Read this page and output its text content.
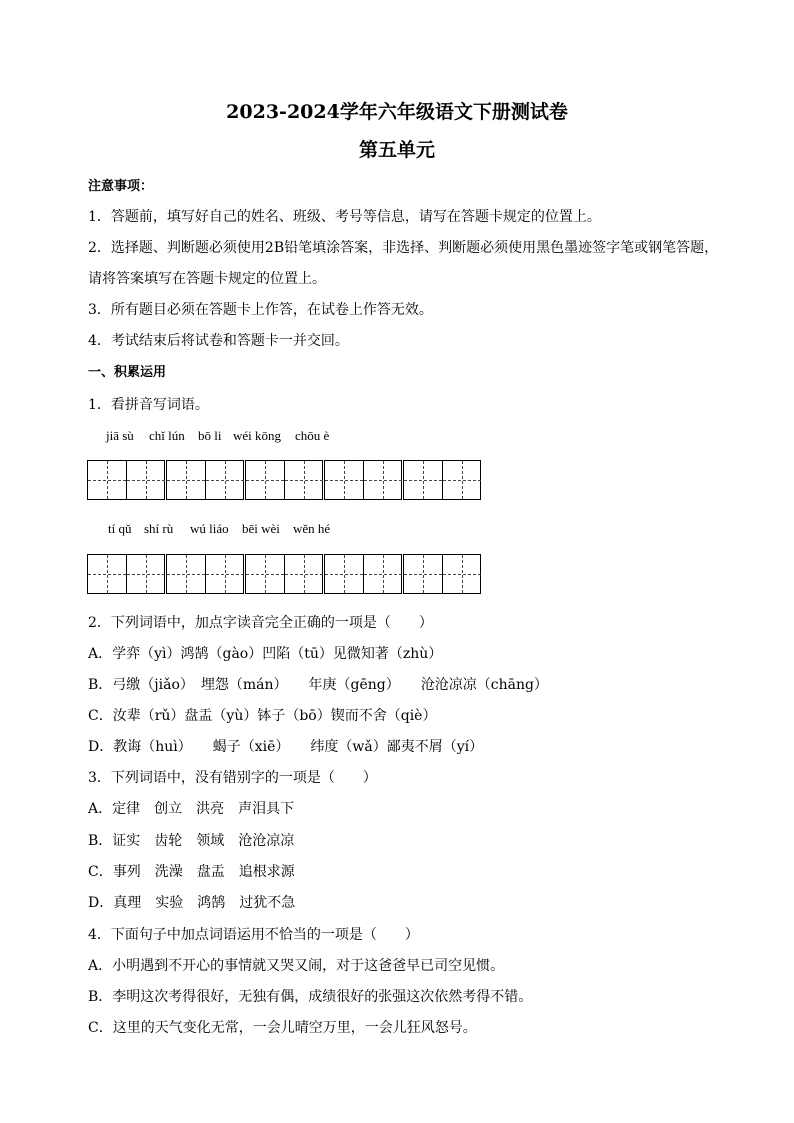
2023-2024学年六年级语文下册测试卷
第五单元
注意事项：
1．答题前，填写好自己的姓名、班级、考号等信息，请写在答题卡规定的位置上。
2．选择题、判断题必须使用2B铅笔填涂答案，非选择、判断题必须使用黑色墨迹签字笔或钢笔答题，
请将答案填写在答题卡规定的位置上。
3．所有题目必须在答题卡上作答，在试卷上作答无效。
4．考试结束后将试卷和答题卡一并交回。
一、积累运用
1．看拼音写词语。
jiā sù chǐ lún bō li wéi kōng chōu è
tí qǔ shí rù wú liáo bēi wèi wěn hé
2．下列词语中，加点字读音完全正确的一项是（　　）
A．学弈（yì）鸿鹄（gào）凹陷（tū）见微知著（zhù）
B．弓缴（jiǎo）　埋怨（mán）　　年庚（gēng）　　沧沧凉凉（chāng）
C．汝辈（rǔ）盘盂（yù）钵子（bō）锲而不舍（qiè）
D．教诲（huì）　　蝎子（xiē）　　纬度（wǎ）鄙夷不屑（yí）
3．下列词语中，没有错别字的一项是（　　）
A．定律　创立　洪亮　声泪具下
B．证实　齿轮　领域　沧沧凉凉
C．事列　洗澡　盘盂　追根求源
D．真理　实验　鸿鹄　过犹不急
4．下面句子中加点词语运用不恰当的一项是（　　）
A．小明遇到不开心的事情就又哭又闹，对于这爸爸早已司空见惯。
B．李明这次考得很好，无独有偶，成绩很好的张强这次依然考得不错。
C．这里的天气变化无常，一会儿晴空万里，一会儿狂风怒号。
